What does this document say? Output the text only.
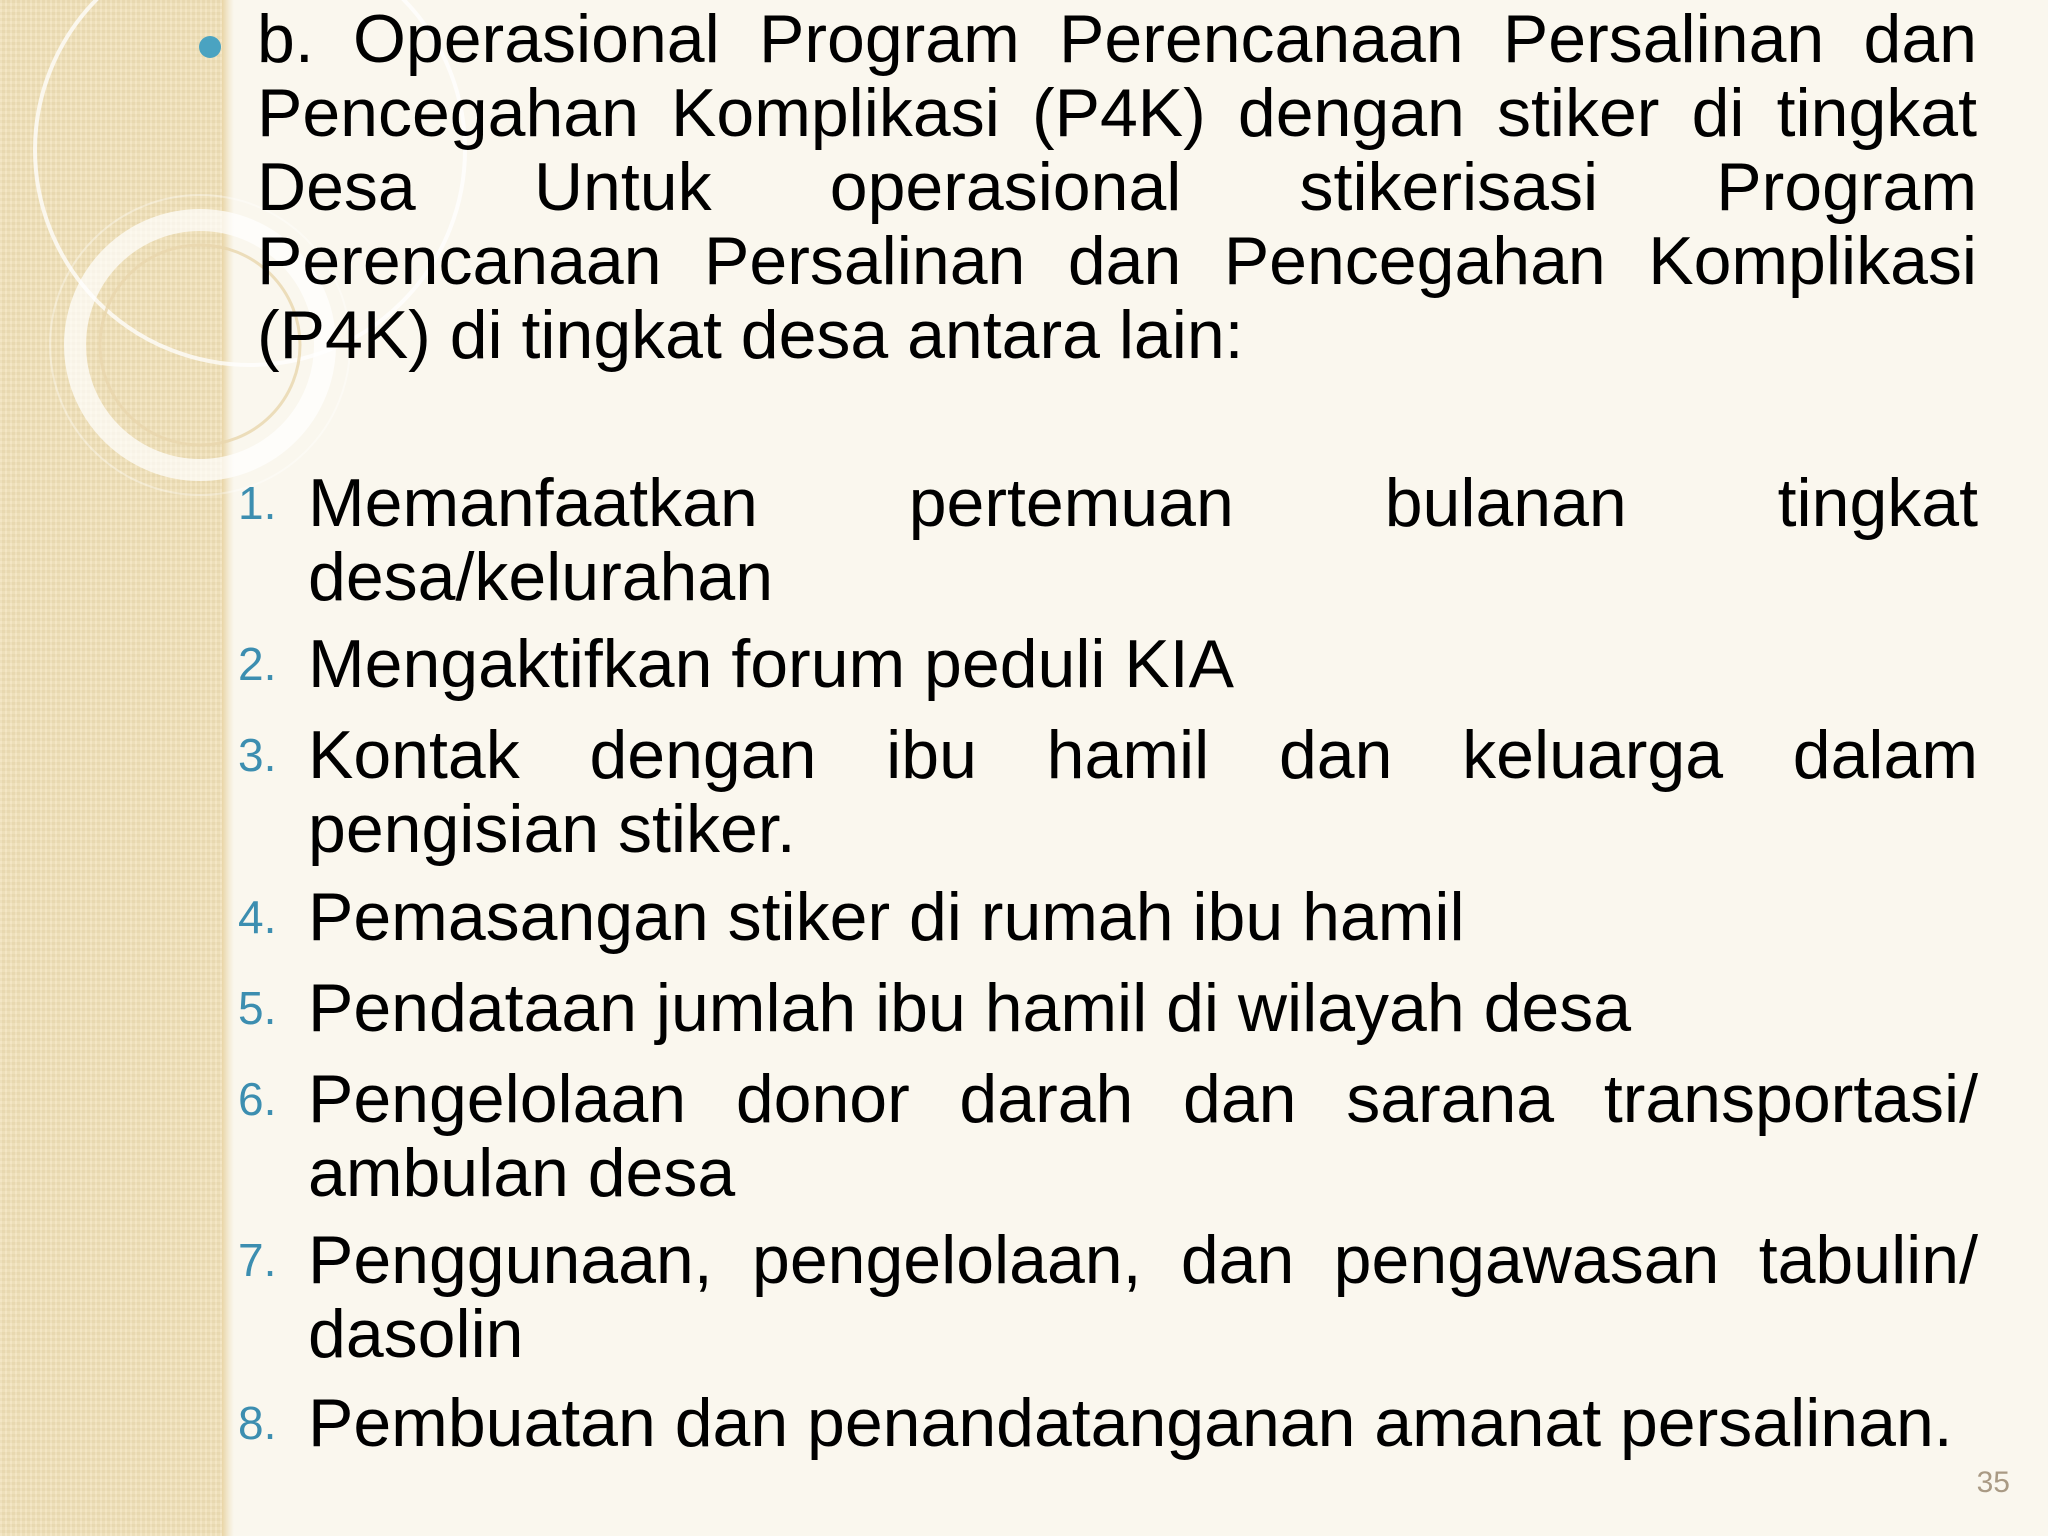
b. Operasional Program Perencanaan Persalinan dan Pencegahan Komplikasi (P4K) dengan stiker di tingkat Desa Untuk operasional stikerisasi Program Perencanaan Persalinan dan Pencegahan Komplikasi (P4K) di tingkat desa antara lain:

1. Memanfaatkan pertemuan bulanan tingkat desa/kelurahan
2. Mengaktifkan forum peduli KIA
3. Kontak dengan ibu hamil dan keluarga dalam pengisian stiker.
4. Pemasangan stiker di rumah ibu hamil
5. Pendataan jumlah ibu hamil di wilayah desa
6. Pengelolaan donor darah dan sarana transportasi/ ambulan desa
7. Penggunaan, pengelolaan, dan pengawasan tabulin/ dasolin
8. Pembuatan dan penandatanganan amanat persalinan.
35
